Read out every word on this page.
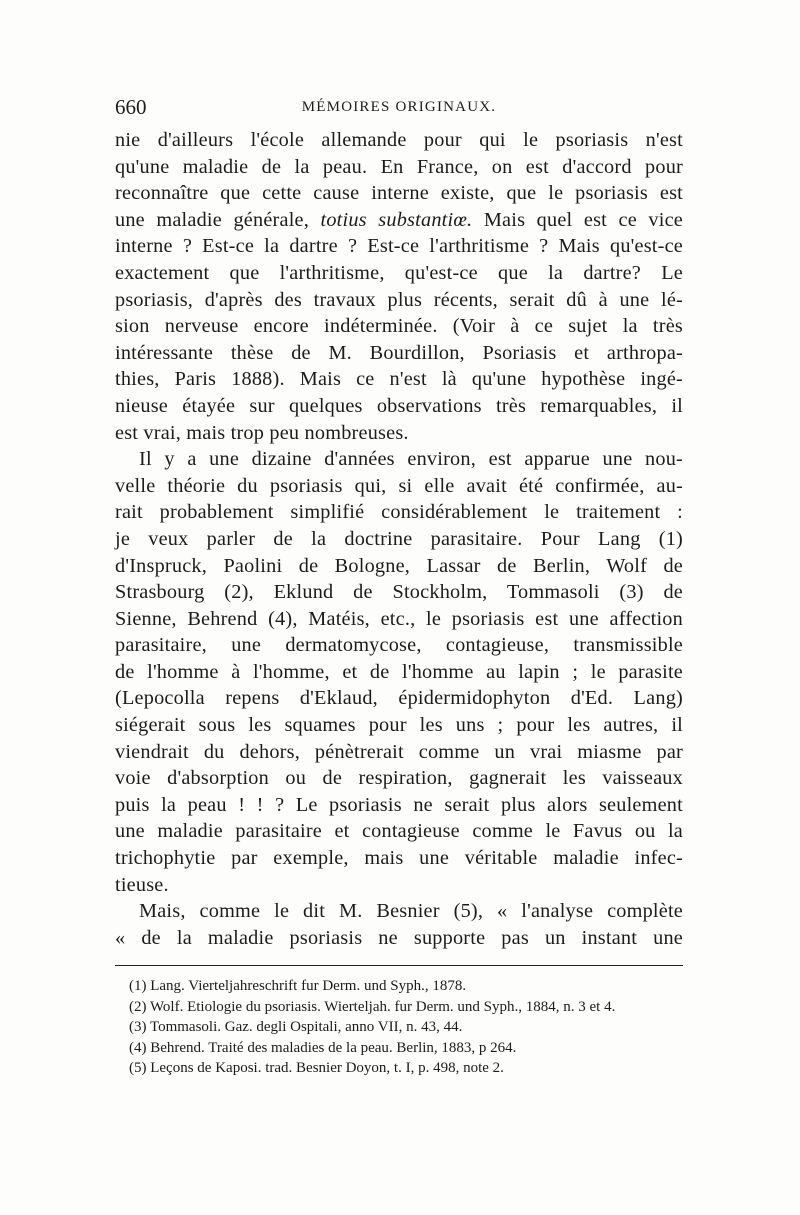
660	MÉMOIRES ORIGINAUX.

nie d'ailleurs l'école allemande pour qui le psoriasis n'est

qu'une maladie de la peau. En France, on est d'accord pour

reconnaître que cette cause interne existe, que le psoriasis est

une maladie générale, totius substantiœ. Mais quel est ce vice

interne ? Est-ce la dartre ? Est-ce l'arthritisme ? Mais qu'est-ce

exactement que l'arthritisme, qu'est-ce que la dartre? Le

psoriasis, d'après des travaux plus récents, serait dû à une lé-

sion nerveuse encore indéterminée. (Voir à ce sujet la très

intéressante thèse de M. Bourdillon, Psoriasis et arthropa-

thies, Paris 1888). Mais ce n'est là qu'une hypothèse ingé-

nieuse étayée sur quelques observations très remarquables, il

est vrai, mais trop peu nombreuses.

Il y a une dizaine d'années environ, est apparue une nou-

velle théorie du psoriasis qui, si elle avait été confirmée, au-

rait probablement simplifié considérablement le traitement :

je veux parler de la doctrine parasitaire. Pour Lang (1)

d'Inspruck, Paolini de Bologne, Lassar de Berlin, Wolf de

Strasbourg (2), Eklund de Stockholm, Tommasoli (3) de

Sienne, Behrend (4), Matéis, etc., le psoriasis est une affection

parasitaire, une dermatomycose, contagieuse, transmissible

de l'homme à l'homme, et de l'homme au lapin ; le parasite

(Lepocolla repens d'Eklaud, épidermidophyton d'Ed. Lang)

siégerait sous les squames pour les uns ; pour les autres, il

viendrait du dehors, pénètrerait comme un vrai miasme par

voie d'absorption ou de respiration, gagnerait les vaisseaux

puis la peau ! ! ? Le psoriasis ne serait plus alors seulement

une maladie parasitaire et contagieuse comme le Favus ou la

trichophytie par exemple, mais une véritable maladie infec-

tieuse.

Mais, comme le dit M. Besnier (5), « l'analyse complète

« de la maladie psoriasis ne supporte pas un instant une

(1) Lang. Vierteljahreschrift fur Derm. und Syph., 1878.
(2) Wolf. Etiologie du psoriasis. Wierteljah. fur Derm. und Syph., 1884, n. 3 et 4.
(3) Tommasoli. Gaz. degli Ospitali, anno VII, n. 43, 44.
(4) Behrend. Traité des maladies de la peau. Berlin, 1883, p 264.
(5) Leçons de Kaposi. trad. Besnier Doyon, t. I, p. 498, note 2.
